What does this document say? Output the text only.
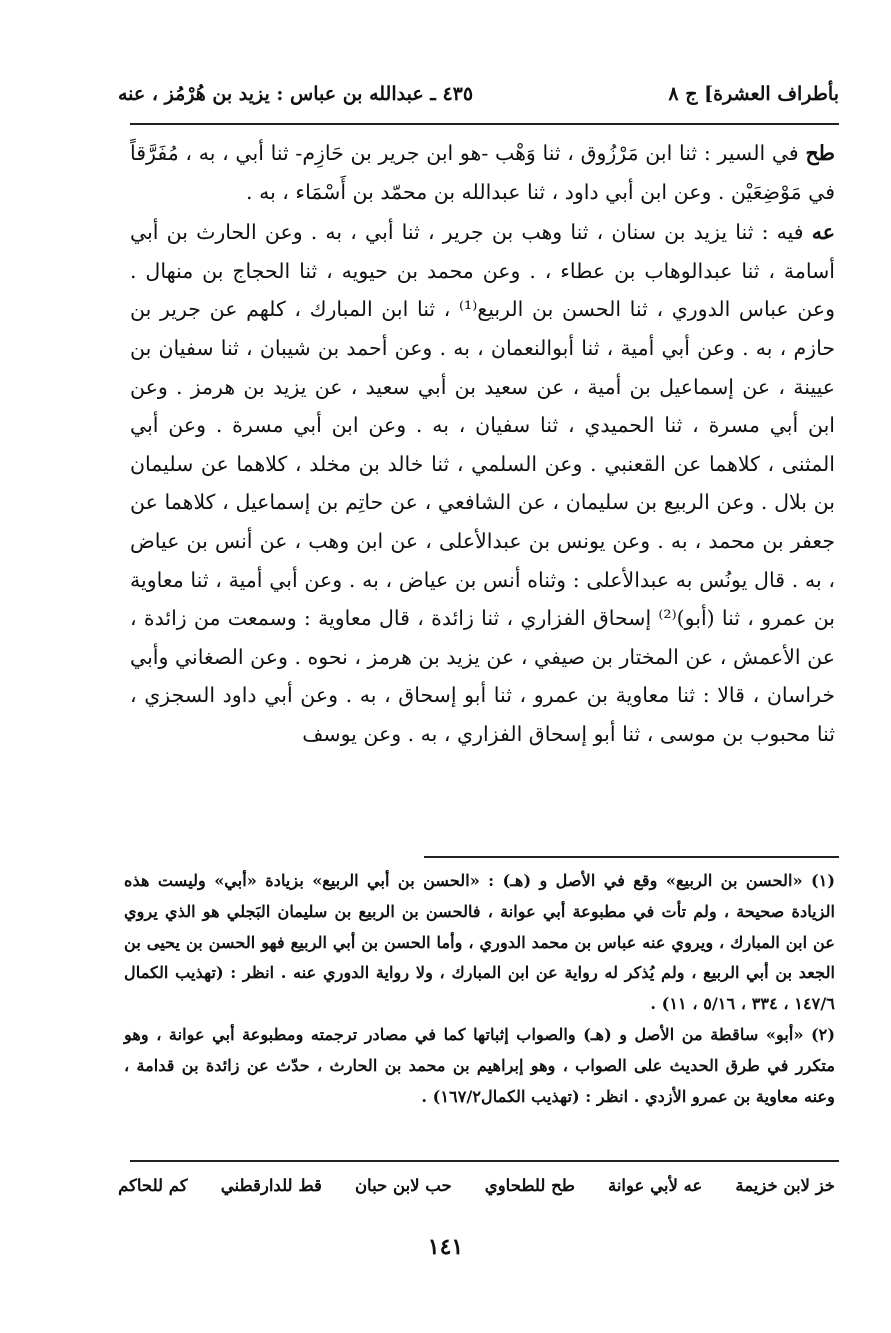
بأطراف العشرة] ج ٨
٤٣٥ ـ عبدالله بن عباس : يزيد بن هُرْمُز ، عنه

طح في السير : ثنا ابن مَرْزُوق ، ثنا وَهْب -هو ابن جرير بن حَازِم- ثنا أبي ، به ، مُفَرَّقاً في مَوْضِعَيْن . وعن ابن أبي داود ، ثنا عبدالله بن محمّد بن أَسْمَاء ، به .

عه فيه : ثنا يزيد بن سنان ، ثنا وهب بن جرير ، ثنا أبي ، به . وعن الحارث بن أبي أسامة ، ثنا عبدالوهاب بن عطاء ، . وعن محمد بن حيويه ، ثنا الحجاج بن منهال . وعن عباس الدوري ، ثنا الحسن بن الربيع⁽¹⁾ ، ثنا ابن المبارك ، كلهم عن جرير بن حازم ، به . وعن أبي أمية ، ثنا أبوالنعمان ، به . وعن أحمد بن شيبان ، ثنا سفيان بن عيينة ، عن إسماعيل بن أمية ، عن سعيد بن أبي سعيد ، عن يزيد بن هرمز . وعن ابن أبي مسرة ، ثنا الحميدي ، ثنا سفيان ، به . وعن ابن أبي مسرة . وعن أبي المثنى ، كلاهما عن القعنبي . وعن السلمي ، ثنا خالد بن مخلد ، كلاهما عن سليمان بن بلال . وعن الربيع بن سليمان ، عن الشافعي ، عن حاتِم بن إسماعيل ، كلاهما عن جعفر بن محمد ، به . وعن يونس بن عبدالأعلى ، عن ابن وهب ، عن أنس بن عياض ، به . قال يونُس به عبدالأعلى : وثناه أنس بن عياض ، به . وعن أبي أمية ، ثنا معاوية بن عمرو ، ثنا (أبو)⁽²⁾ إسحاق الفزاري ، ثنا زائدة ، قال معاوية : وسمعت من زائدة ، عن الأعمش ، عن المختار بن صيفي ، عن يزيد بن هرمز ، نحوه . وعن الصغاني وأبي خراسان ، قالا : ثنا معاوية بن عمرو ، ثنا أبو إسحاق ، به . وعن أبي داود السجزي ، ثنا محبوب بن موسى ، ثنا أبو إسحاق الفزاري ، به . وعن يوسف

(١) «الحسن بن الربيع» وقع في الأصل و (هـ) : «الحسن بن أبي الربيع» بزيادة «أبي» وليست هذه الزيادة صحيحة ، ولم تأت في مطبوعة أبي عوانة ، فالحسن بن الربيع بن سليمان البَجلي هو الذي يروي عن ابن المبارك ، ويروي عنه عباس بن محمد الدوري ، وأما الحسن بن أبي الربيع فهو الحسن بن يحيى بن الجعد بن أبي الربيع ، ولم يُذكر له رواية عن ابن المبارك ، ولا رواية الدوري عنه . انظر : (تهذيب الكمال ١٤٧/٦ ، ٣٣٤ ، ٥/١٦ ، ١١) .

(٢) «أبو» ساقطة من الأصل و (هـ) والصواب إثباتها كما في مصادر ترجمته ومطبوعة أبي عوانة ، وهو متكرر في طرق الحديث على الصواب ، وهو إبراهيم بن محمد بن الحارث ، حدّث عن زائدة بن قدامة ، وعنه معاوية بن عمرو الأزدي . انظر : (تهذيب الكمال١٦٧/٢) .

خز لابن خزيمة
عه لأبي عوانة
طح للطحاوي
حب لابن حبان
قط للدارقطني
كم للحاكم
١٤١
